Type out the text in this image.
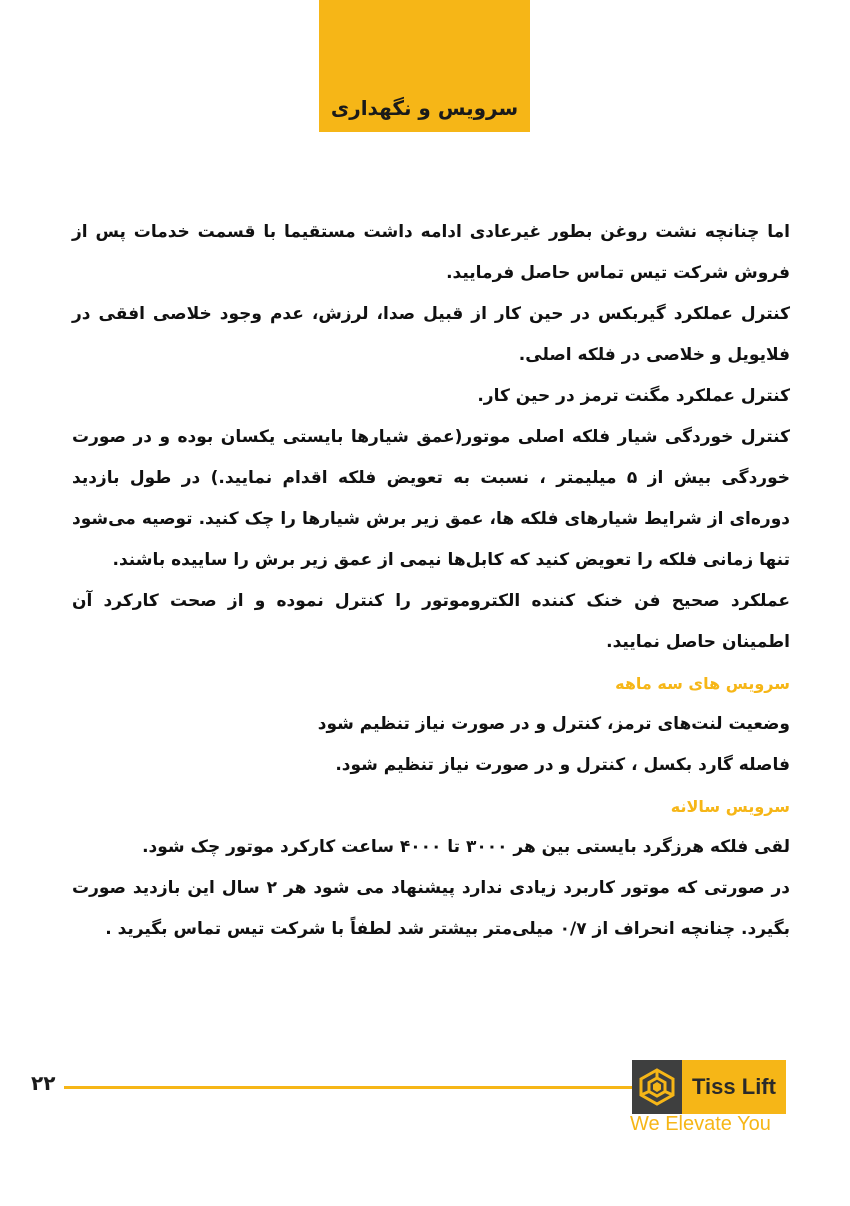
سرویس و نگهداری

اما چنانچه نشت روغن بطور غیرعادی ادامه داشت مستقیما با قسمت خدمات پس از فروش شرکت تیس تماس حاصل فرمایید.

کنترل عملکرد گیربکس در حین کار از قبیل صدا، لرزش، عدم وجود خلاصی افقی در فلایویل و خلاصی در فلکه اصلی.

کنترل عملکرد مگنت ترمز در حین کار.

کنترل خوردگی شیار فلکه اصلی موتور(عمق شیارها بایستی یکسان بوده و در صورت خوردگی بیش از ۵ میلیمتر ، نسبت به تعویض فلکه اقدام نمایید.) در طول بازدید دوره‌ای از شرایط شیارهای فلکه ها، عمق زیر برش شیارها را چک کنید. توصیه می‌شود تنها زمانی فلکه را تعویض کنید که کابل‌ها نیمی از عمق زیر برش را ساییده باشند.

عملکرد صحیح فن خنک کننده الکتروموتور را کنترل نموده و از صحت کارکرد آن اطمینان حاصل نمایید.

سرویس های سه ماهه

وضعیت لنت‌های ترمز، کنترل و در صورت نیاز تنظیم شود

فاصله گارد بکسل ، کنترل و در صورت نیاز تنظیم شود.

سرویس سالانه

لقی فلکه هرزگرد بایستی بین هر ۳۰۰۰ تا ۴۰۰۰ ساعت کارکرد موتور چک شود.

در صورتی که موتور کاربرد زیادی ندارد پیشنهاد می شود هر ۲ سال این بازدید صورت بگیرد. چنانچه انحراف از ۰/۷ میلی‌متر بیشتر شد لطفاً با شرکت تیس تماس بگیرید .

۲۲	Tiss Lift
We Elevate You
